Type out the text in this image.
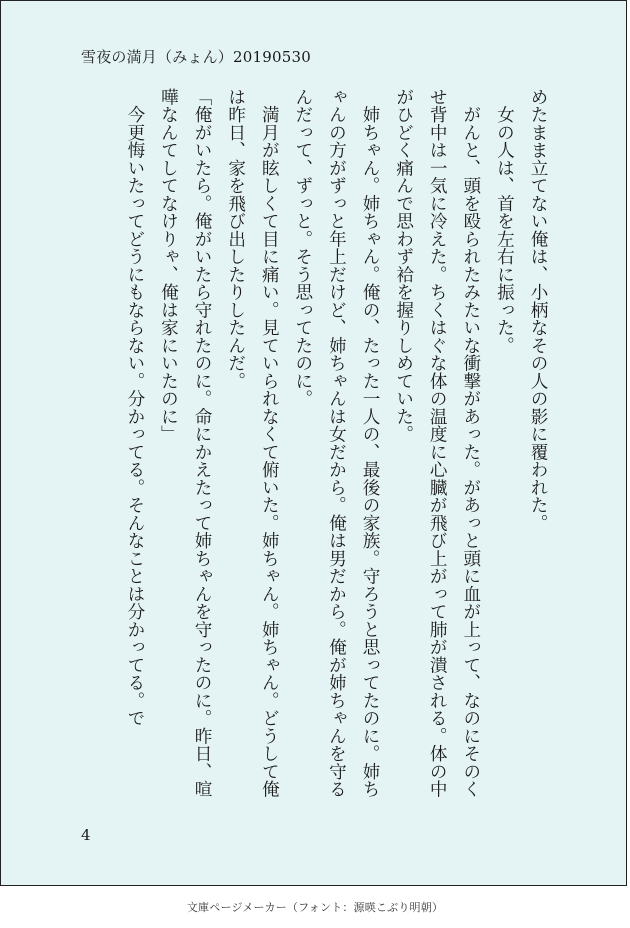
雪夜の満月（みょん）20190530

めたまま立てない俺は、小柄なその人の影に覆われた。

　女の人は、首を左右に振った。

　がんと、頭を殴られたみたいな衝撃があった。があっと頭に血が上って、なのにそのくせ背中は一気に冷えた。ちくはぐな体の温度に心臓が飛び上がって肺が潰される。体の中がひどく痛んで思わず袷を握りしめていた。

　姉ちゃん。姉ちゃん。俺の、たった一人の、最後の家族。守ろうと思ってたのに。姉ちゃんの方がずっと年上だけど、姉ちゃんは女だから。俺は男だから。俺が姉ちゃんを守るんだって、ずっと。そう思ってたのに。

　満月が眩しくて目に痛い。見ていられなくて俯いた。姉ちゃん。姉ちゃん。どうして俺は昨日、家を飛び出したりしたんだ。

「俺がいたら。俺がいたら守れたのに。命にかえたって姉ちゃんを守ったのに。昨日、喧嘩なんてしてなけりゃ、俺は家にいたのに」

　今更悔いたってどうにもならない。分かってる。そんなことは分かってる。で

4
文庫ページメーカー（フォント：源暎こぶり明朝）
